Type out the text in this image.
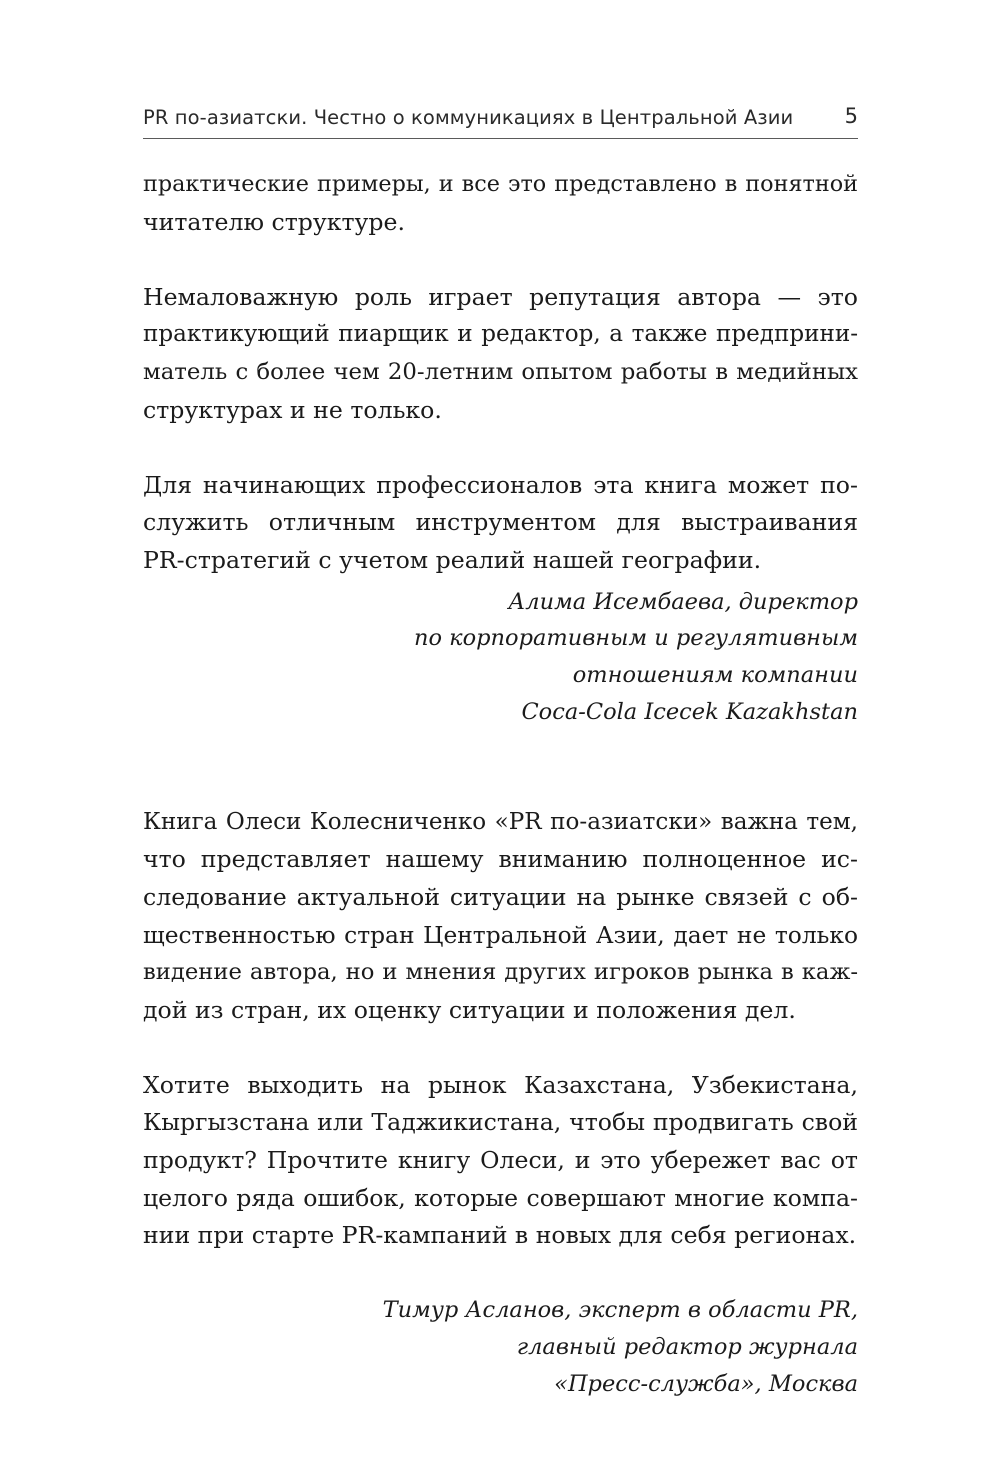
PR по-азиатски. Честно о коммуникациях в Центральной Азии 5

практические примеры, и все это представлено в понятной
читателю структуре.

Немаловажную роль играет репутация автора — это
практикующий пиарщик и редактор, а также предприни-
матель с более чем 20-летним опытом работы в медийных
структурах и не только.

Для начинающих профессионалов эта книга может по-
служить отличным инструментом для выстраивания
PR-стратегий с учетом реалий нашей географии.

Алима Исембаева, директор
по корпоративным и регулятивным
отношениям компании
Coca-Cola Icecek Kazakhstan

Книга Олеси Колесниченко «PR по-азиатски» важна тем,
что представляет нашему вниманию полноценное ис-
следование актуальной ситуации на рынке связей с об-
щественностью стран Центральной Азии, дает не только
видение автора, но и мнения других игроков рынка в каж-
дой из стран, их оценку ситуации и положения дел.

Хотите выходить на рынок Казахстана, Узбекистана,
Кыргызстана или Таджикистана, чтобы продвигать свой
продукт? Прочтите книгу Олеси, и это убережет вас от
целого ряда ошибок, которые совершают многие компа-
нии при старте PR-кампаний в новых для себя регионах.

Тимур Асланов, эксперт в области PR,
главный редактор журнала
«Пресс-служба», Москва
